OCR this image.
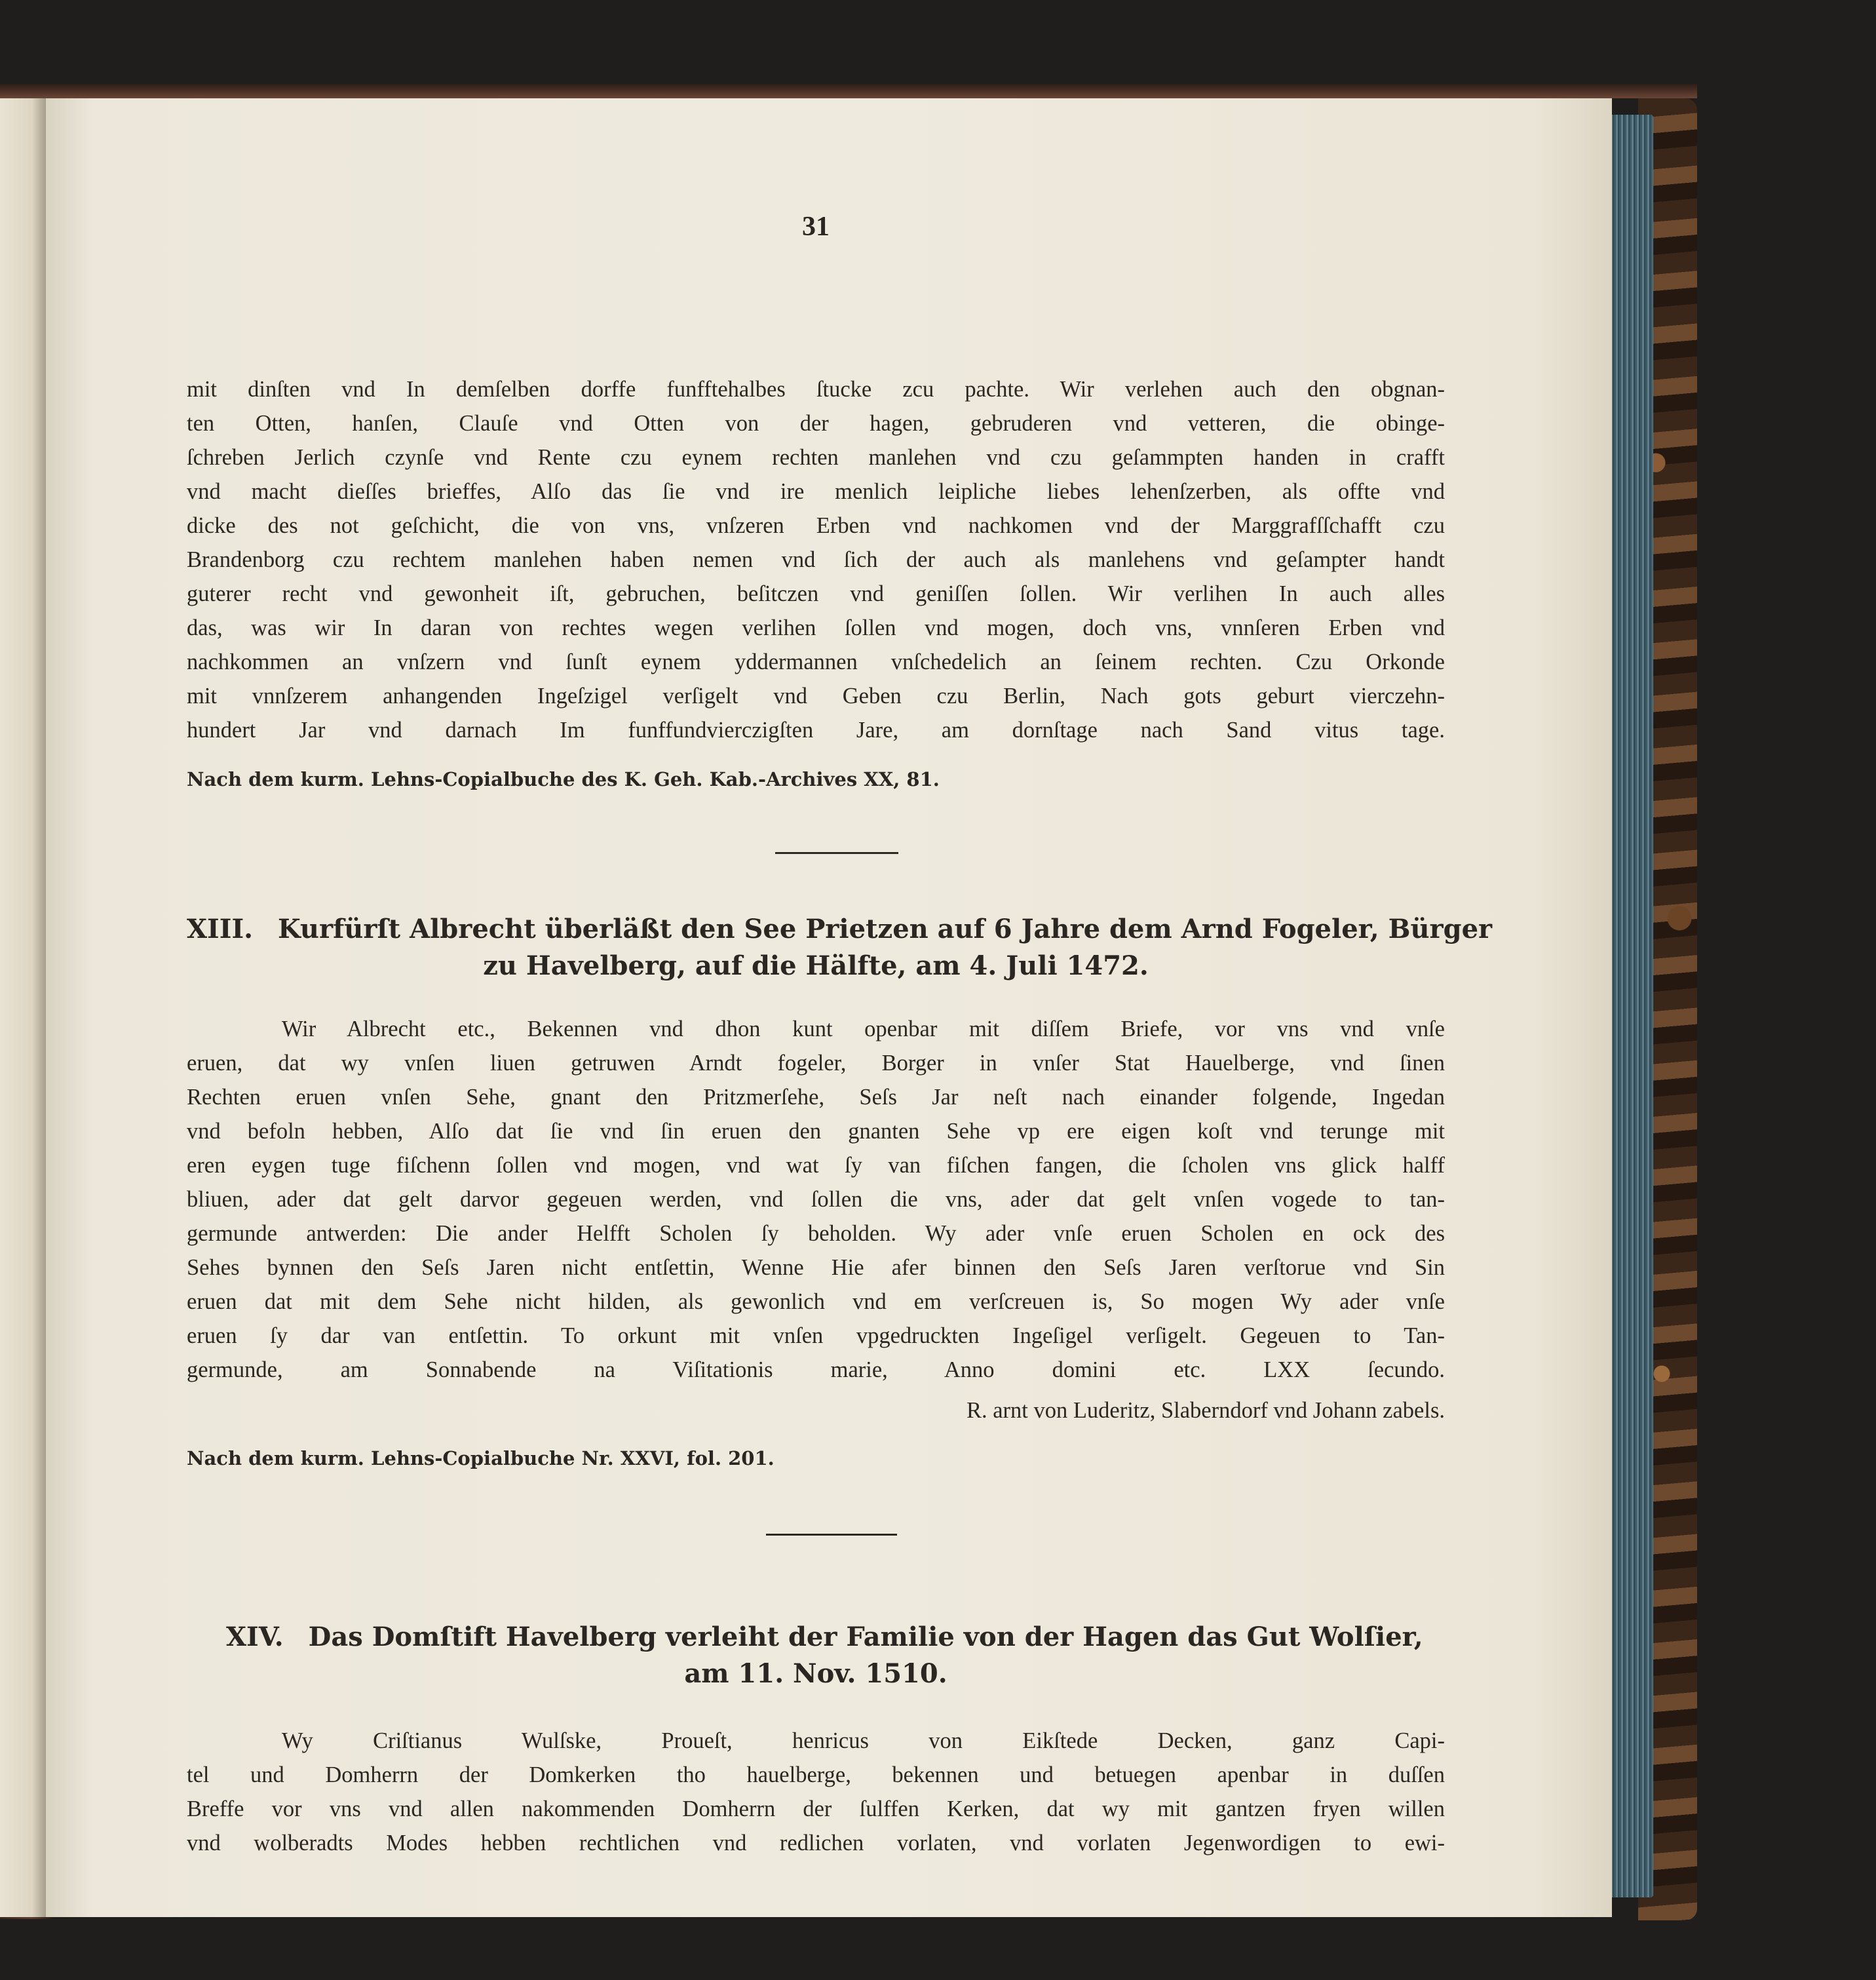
31
mit dinſten vnd In demſelben dorffe funfftehalbes ſtucke zcu pachte. Wir verlehen auch den obgnan-
ten Otten, hanſen, Clauſe vnd Otten von der hagen, gebruderen vnd vetteren, die obinge-
ſchreben Jerlich czynſe vnd Rente czu eynem rechten manlehen vnd czu geſammpten handen in crafft
vnd macht dieſſes brieffes, Alſo das ſie vnd ire menlich leipliche liebes lehenſzerben, als offte vnd
dicke des not geſchicht, die von vns, vnſzeren Erben vnd nachkomen vnd der Marggrafſſchafft czu
Brandenborg czu rechtem manlehen haben nemen vnd ſich der auch als manlehens vnd geſampter handt
guterer recht vnd gewonheit iſt, gebruchen, beſitczen vnd geniſſen ſollen. Wir verlihen In auch alles
das, was wir In daran von rechtes wegen verlihen ſollen vnd mogen, doch vns, vnnſeren Erben vnd
nachkommen an vnſzern vnd ſunſt eynem yddermannen vnſchedelich an ſeinem rechten. Czu Orkonde
mit vnnſzerem anhangenden Ingeſzigel verſigelt vnd Geben czu Berlin, Nach gots geburt vierczehn-
hundert Jar vnd darnach Im funffundvierczigſten Jare, am dornſtage nach Sand vitus tage.
Nach dem kurm. Lehns-Copialbuche des K. Geh. Kab.-Archives XX, 81.
XIII. Kurfürſt Albrecht überläßt den See Prietzen auf 6 Jahre dem Arnd Fogeler, Bürger
zu Havelberg, auf die Hälfte, am 4. Juli 1472.
Wir Albrecht etc., Bekennen vnd dhon kunt openbar mit diſſem Briefe, vor vns vnd vnſe
eruen, dat wy vnſen liuen getruwen Arndt fogeler, Borger in vnſer Stat Hauelberge, vnd ſinen
Rechten eruen vnſen Sehe, gnant den Pritzmerſehe, Seſs Jar neſt nach einander folgende, Ingedan
vnd befoln hebben, Alſo dat ſie vnd ſin eruen den gnanten Sehe vp ere eigen koſt vnd terunge mit
eren eygen tuge fiſchenn ſollen vnd mogen, vnd wat ſy van fiſchen fangen, die ſcholen vns glick halff
bliuen, ader dat gelt darvor gegeuen werden, vnd ſollen die vns, ader dat gelt vnſen vogede to tan-
germunde antwerden: Die ander Helfft Scholen ſy beholden. Wy ader vnſe eruen Scholen en ock des
Sehes bynnen den Seſs Jaren nicht entſettin, Wenne Hie afer binnen den Seſs Jaren verſtorue vnd Sin
eruen dat mit dem Sehe nicht hilden, als gewonlich vnd em verſcreuen is, So mogen Wy ader vnſe
eruen ſy dar van entſettin. To orkunt mit vnſen vpgedruckten Ingeſigel verſigelt. Gegeuen to Tan-
germunde, am Sonnabende na Viſitationis marie, Anno domini etc. LXX ſecundo.
R. arnt von Luderitz, Slaberndorf vnd Johann zabels.
Nach dem kurm. Lehns-Copialbuche Nr. XXVI, fol. 201.
XIV. Das Domſtift Havelberg verleiht der Familie von der Hagen das Gut Wolſier,
am 11. Nov. 1510.
Wy Criſtianus Wulſske, Proueſt, henricus von Eikſtede Decken, ganz Capi-
tel und Domherrn der Domkerken tho hauelberge, bekennen und betuegen apenbar in duſſen
Breffe vor vns vnd allen nakommenden Domherrn der ſulffen Kerken, dat wy mit gantzen fryen willen
vnd wolberadts Modes hebben rechtlichen vnd redlichen vorlaten, vnd vorlaten Jegenwordigen to ewi-
